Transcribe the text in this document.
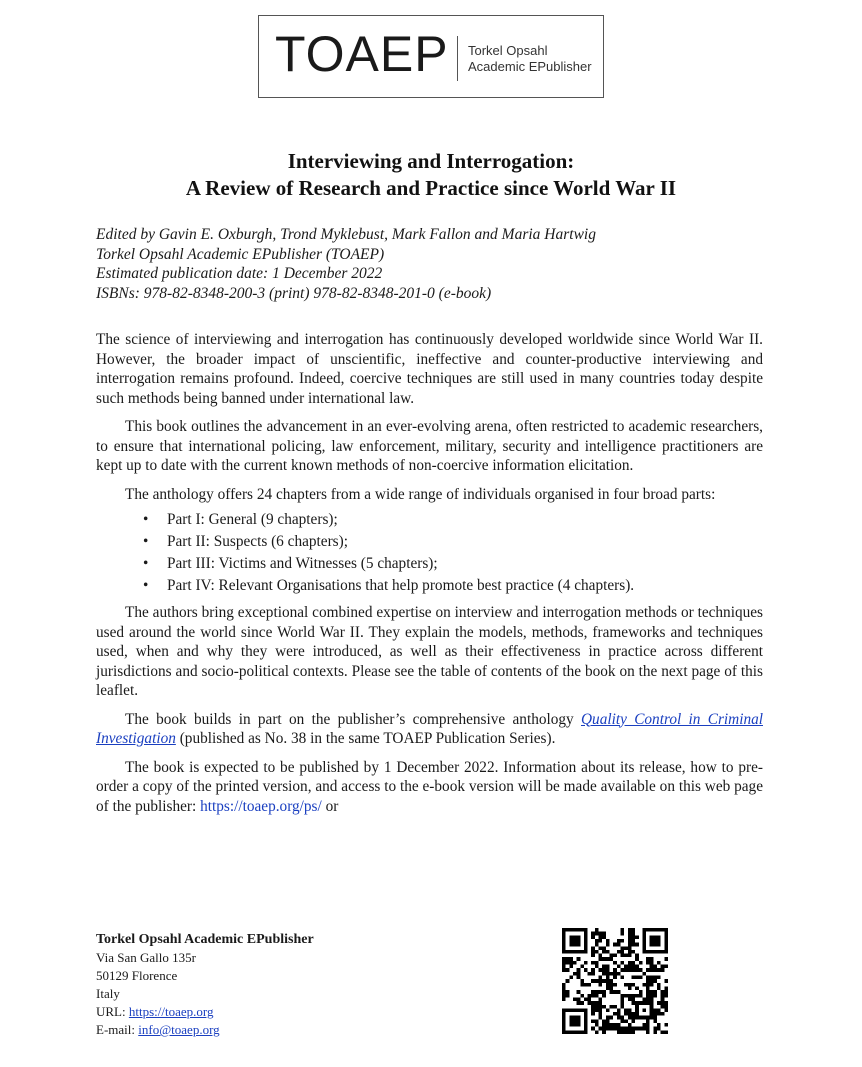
TOAEP Torkel Opsahl
Academic EPublisher
Interviewing and Interrogation:
A Review of Research and Practice since World War II
Edited by Gavin E. Oxburgh, Trond Myklebust, Mark Fallon and Maria Hartwig
Torkel Opsahl Academic EPublisher (TOAEP)
Estimated publication date: 1 December 2022
ISBNs: 978-82-8348-200-3 (print) 978-82-8348-201-0 (e-book)

The science of interviewing and interrogation has continuously developed worldwide since World War II. However, the broader impact of unscientific, ineffective and counter-productive interviewing and interrogation remains profound. Indeed, coercive techniques are still used in many countries today despite such methods being banned under international law.

This book outlines the advancement in an ever-evolving arena, often restricted to academic researchers, to ensure that international policing, law enforcement, military, security and intelligence practitioners are kept up to date with the current known methods of non-coercive information elicitation.

The anthology offers 24 chapters from a wide range of individuals organised in four broad parts:

• Part I: General (9 chapters);
• Part II: Suspects (6 chapters);
• Part III: Victims and Witnesses (5 chapters);
• Part IV: Relevant Organisations that help promote best practice (4 chapters).

The authors bring exceptional combined expertise on interview and interrogation methods or techniques used around the world since World War II. They explain the models, methods, frameworks and techniques used, when and why they were introduced, as well as their effectiveness in practice across different jurisdictions and socio-political contexts. Please see the table of contents of the book on the next page of this leaflet.

The book builds in part on the publisher’s comprehensive anthology Quality Control in Criminal Investigation (published as No. 38 in the same TOAEP Publication Series).

The book is expected to be published by 1 December 2022. Information about its release, how to pre-order a copy of the printed version, and access to the e-book version will be made available on this web page of the publisher: https://toaep.org/ps/ or

Torkel Opsahl Academic EPublisher
Via San Gallo 135r
50129 Florence
Italy
URL: https://toaep.org
E-mail: info@toaep.org
